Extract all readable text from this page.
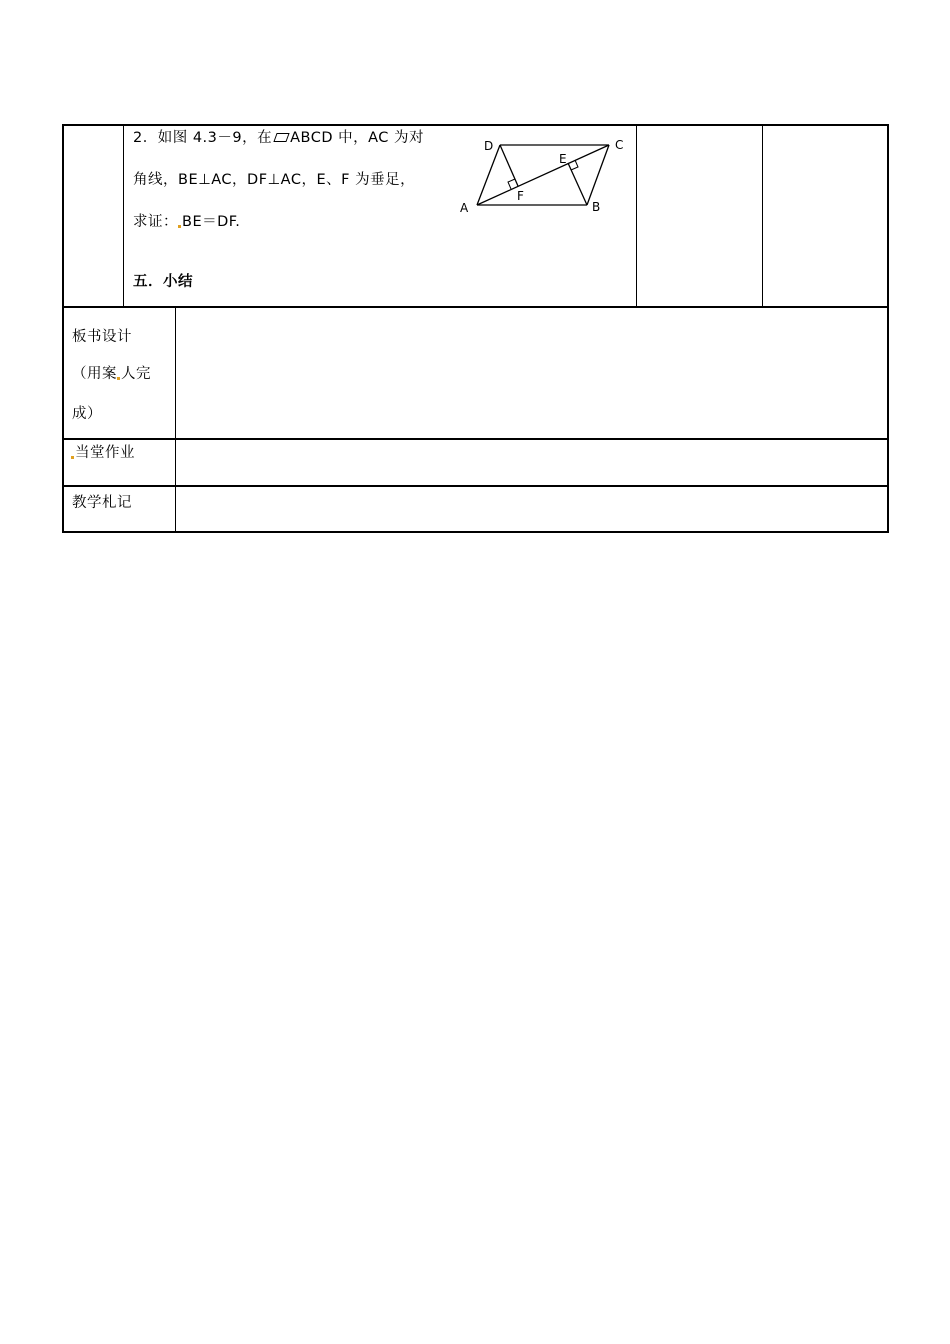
2．如图 4.3－9，在 ABCD 中，AC 为对
角线，BE⊥AC，DF⊥AC，E、F 为垂足，
求证： BE＝DF.
五．小结
A	B
C
D
E
F
板书设计
（用案 人完
成）
当堂作业
教学札记
